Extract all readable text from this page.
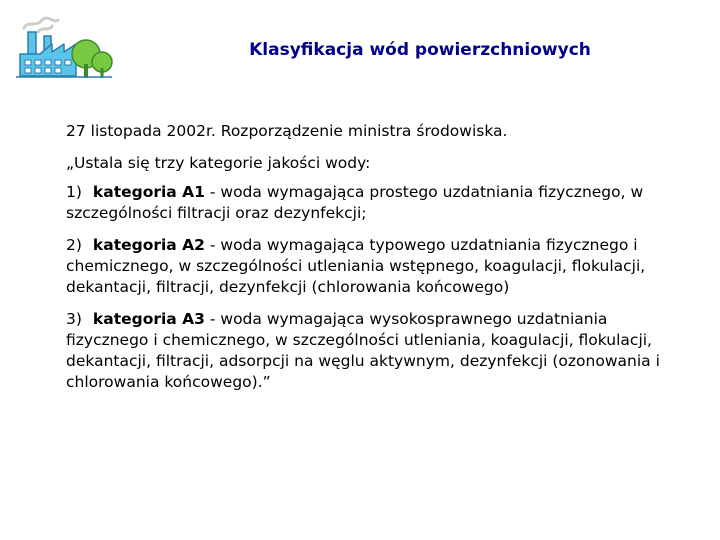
Klasyfikacja wód powierzchniowych

27 listopada 2002r. Rozporządzenie ministra środowiska.

„Ustala się trzy kategorie jakości wody:

1) kategoria A1 - woda wymagająca prostego uzdatniania fizycznego, w szczególności filtracji oraz dezynfekcji;

2) kategoria A2 - woda wymagająca typowego uzdatniania fizycznego i chemicznego, w szczególności utleniania wstępnego, koagulacji, flokulacji, dekantacji, filtracji, dezynfekcji (chlorowania końcowego)

3) kategoria A3 - woda wymagająca wysokosprawnego uzdatniania fizycznego i chemicznego, w szczególności utleniania, koagulacji, flokulacji, dekantacji, filtracji, adsorpcji na węglu aktywnym, dezynfekcji (ozonowania i chlorowania końcowego).”
